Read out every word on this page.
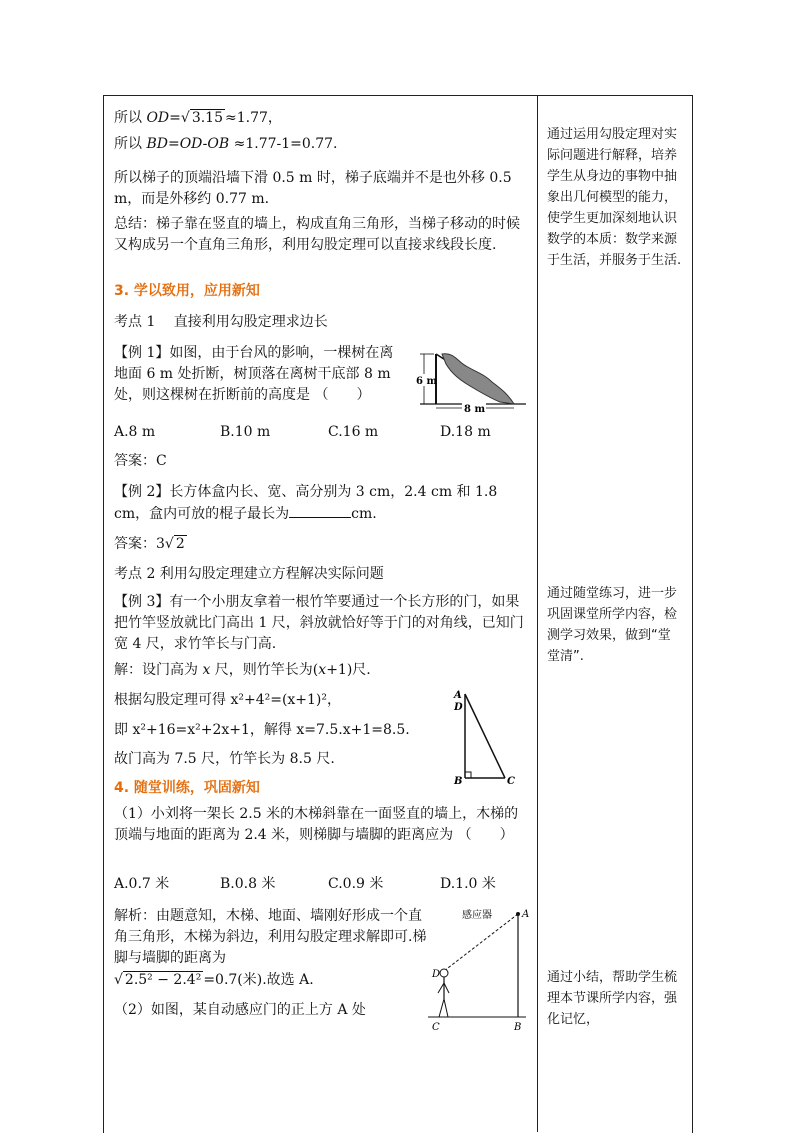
所以 OD=√ 3.15 ≈1.77，
所以 BD=OD-OB ≈1.77-1=0.77.
所以梯子的顶端沿墙下滑 0.5 m 时，梯子底端并不是也外移 0.5 m，而是外移约 0.77 m.
总结：梯子靠在竖直的墙上，构成直角三角形，当梯子移动的时候又构成另一个直角三角形，利用勾股定理可以直接求线段长度.
3. 学以致用，应用新知
考点 1　 直接利用勾股定理求边长
【例 1】如图，由于台风的影响，一棵树在离地面 6 m 处折断，树顶落在离树干底部 8 m 处，则这棵树在折断前的高度是 （　　）
6 m
8 m
A.8 m	B.10 m	C.16 m	D.18 m
答案：C
【例 2】长方体盒内长、宽、高分别为 3 cm，2.4 cm 和 1.8 cm，盒内可放的棍子最长为	cm.
答案：3√ 2
考点 2 利用勾股定理建立方程解决实际问题
【例 3】有一个小朋友拿着一根竹竿要通过一个长方形的门，如果把竹竿竖放就比门高出 1 尺，斜放就恰好等于门的对角线，已知门宽 4 尺，求竹竿长与门高.
解：设门高为 x 尺，则竹竿长为(x+1)尺.
根据勾股定理可得 x²+4²=(x+1)²，
即 x²+16=x²+2x+1，解得 x=7.5.x+1=8.5.
故门高为 7.5 尺，竹竿长为 8.5 尺.
A
D
B	C
4. 随堂训练，巩固新知
（1）小刘将一架长 2.5 米的木梯斜靠在一面竖直的墙上，木梯的顶端与地面的距离为 2.4 米，则梯脚与墙脚的距离应为 （　　）
A.0.7 米	B.0.8 米	C.0.9 米	D.1.0 米
解析：由题意知，木梯、地面、墙刚好形成一个直角三角形，木梯为斜边，利用勾股定理求解即可.梯脚与墙脚的距离为
√ 2.5² − 2.4² =0.7(米).故选 A.
（2）如图，某自动感应门的正上方 A 处
感应器	A
D
C	B
通过运用勾股定理对实际问题进行解释，培养学生从身边的事物中抽象出几何模型的能力，使学生更加深刻地认识数学的本质：数学来源于生活，并服务于生活.
通过随堂练习，进一步巩固课堂所学内容，检测学习效果，做到“堂堂清”.
通过小结，帮助学生梳理本节课所学内容，强化记忆，
